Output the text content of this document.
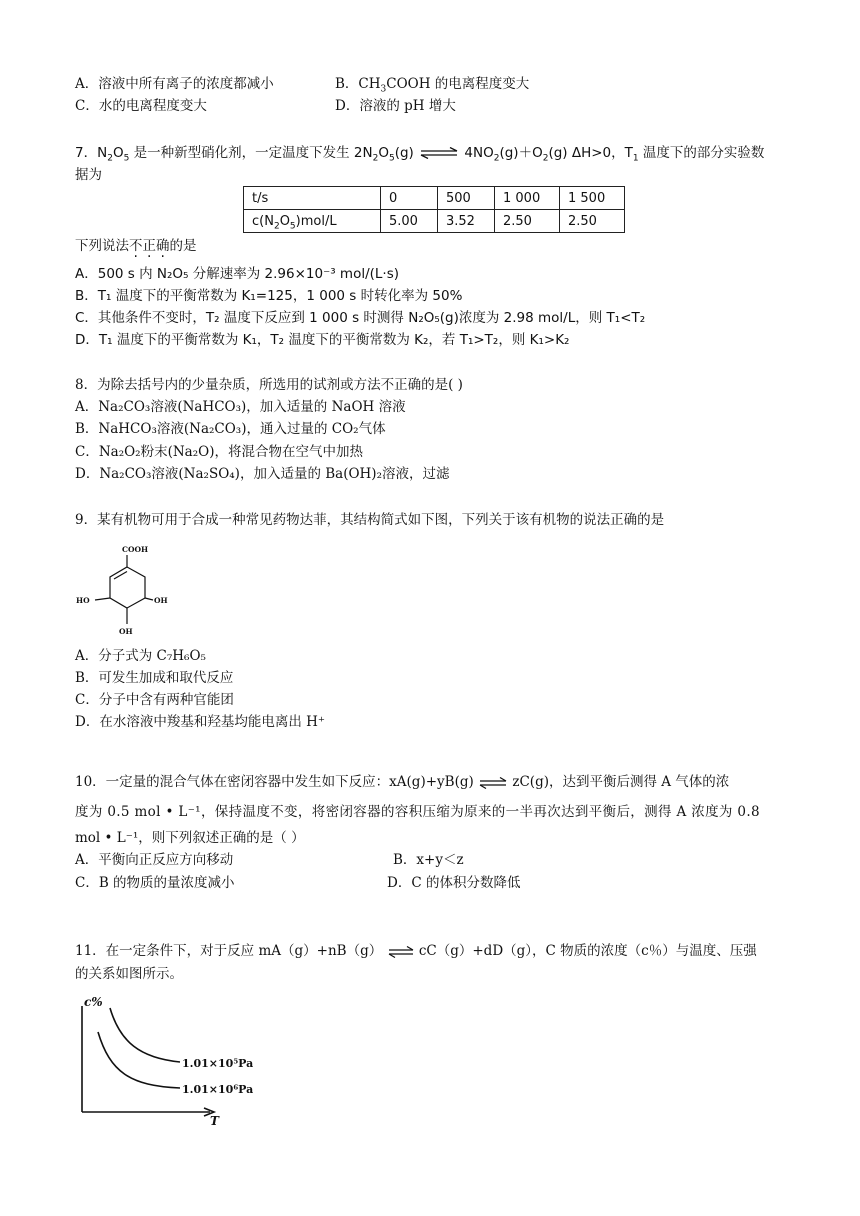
A．溶液中所有离子的浓度都减小	B．$CH_3COOH$ 的电离程度变大
C．水的电离程度变大	D．溶液的 pH 增大
7．$N_2O_5$ 是一种新型硝化剂，一定温度下发生 $2N_2O_5(g)$ ⇌ $4NO_2(g)+O_2(g)$ ΔH>0，$T_1$ 温度下的部分实验数
据为
t/s	0	500	1 000	1 500
$c(N_2O_5)mol/L$	5.00	3.52	2.50	2.50
下列说法不正确的是
A．500 s 内 N₂O₅ 分解速率为 2.96×10⁻³ mol/(L·s)
B．T₁ 温度下的平衡常数为 K₁=125，1 000 s 时转化率为 50%
C．其他条件不变时，T₂ 温度下反应到 1 000 s 时测得 N₂O₅(g)浓度为 2.98 mol/L，则 T₁<T₂
D．T₁ 温度下的平衡常数为 K₁，T₂ 温度下的平衡常数为 K₂，若 T₁>T₂，则 K₁>K₂
8．为除去括号内的少量杂质，所选用的试剂或方法不正确的是( )
A．Na₂CO₃溶液(NaHCO₃)，加入适量的 NaOH 溶液
B．NaHCO₃溶液(Na₂CO₃)，通入过量的 CO₂气体
C．Na₂O₂粉末(Na₂O)，将混合物在空气中加热
D．Na₂CO₃溶液(Na₂SO₄)，加入适量的 Ba(OH)₂溶液，过滤
9．某有机物可用于合成一种常见药物达菲，其结构简式如下图，下列关于该有机物的说法正确的是
COOH
HO	OH
OH
A．分子式为 C₇H₆O₅
B．可发生加成和取代反应
C．分子中含有两种官能团
D．在水溶液中羧基和羟基均能电离出 H⁺
10．一定量的混合气体在密闭容器中发生如下反应：xA(g)+yB(g) ⇌ zC(g)，达到平衡后测得 A 气体的浓
度为 0.5 mol • L⁻¹，保持温度不变，将密闭容器的容积压缩为原来的一半再次达到平衡后，测得 A 浓度为 0.8
mol • L⁻¹，则下列叙述正确的是（ ）
A．平衡向正反应方向移动	B．x+y＜z
C．B 的物质的量浓度减小	D．C 的体积分数降低
11．在一定条件下，对于反应 mA（g）+nB（g） ⇌ cC（g）+dD（g），C 物质的浓度（c％）与温度、压强
的关系如图所示。
c%
T
1.01×10⁵Pa
1.01×10⁶Pa
